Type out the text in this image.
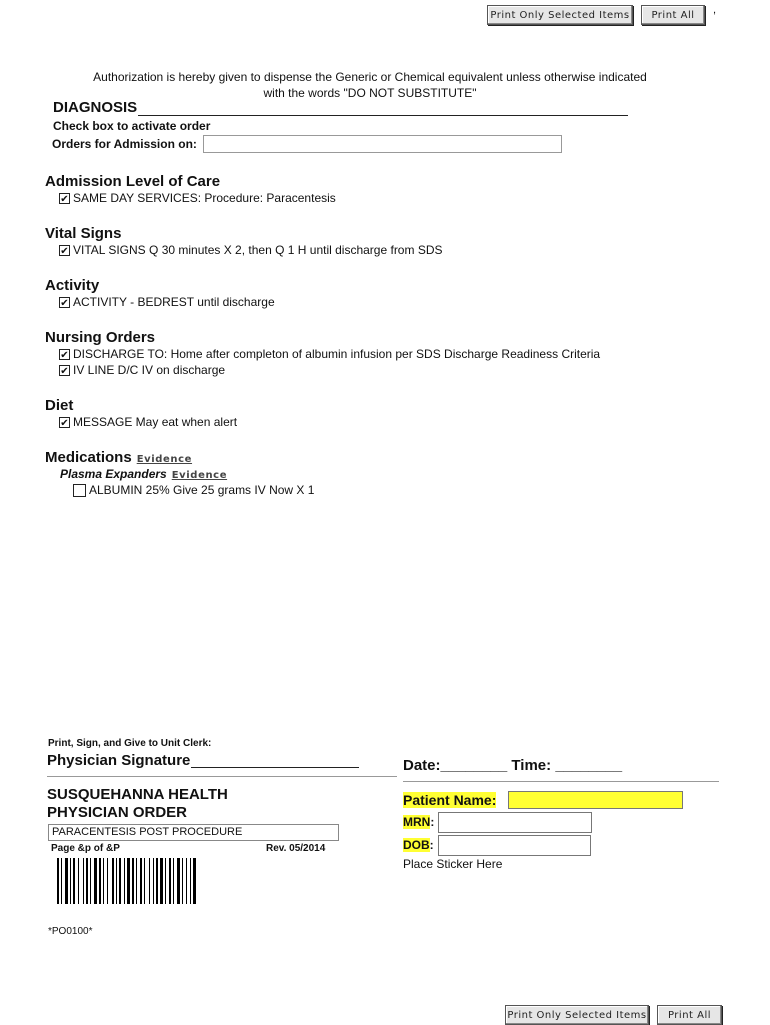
Print Only Selected Items	Print All	,
Authorization is hereby given to dispense the Generic or Chemical equivalent unless otherwise indicated
with the words "DO NOT SUBSTITUTE"
DIAGNOSIS
Check box to activate order
Orders for Admission on:
Admission Level of Care
✔ SAME DAY SERVICES: Procedure: Paracentesis
Vital Signs
✔ VITAL SIGNS Q 30 minutes X 2, then Q 1 H until discharge from SDS
Activity
✔ ACTIVITY - BEDREST until discharge
Nursing Orders
✔ DISCHARGE TO: Home after completon of albumin infusion per SDS Discharge Readiness Criteria
✔ IV LINE D/C IV on discharge
Diet
✔ MESSAGE May eat when alert
Medications Evidence
Plasma Expanders Evidence
ALBUMIN 25% Give 25 grams IV Now X 1
Print, Sign, and Give to Unit Clerk:
Physician Signature	Date:________ Time: ________
SUSQUEHANNA HEALTH
PHYSICIAN ORDER
PARACENTESIS POST PROCEDURE
Page &p of &P	Rev. 05/2014
*PO0100*
Patient Name:
MRN:
DOB:
Place Sticker Here
Print Only Selected Items	Print All
